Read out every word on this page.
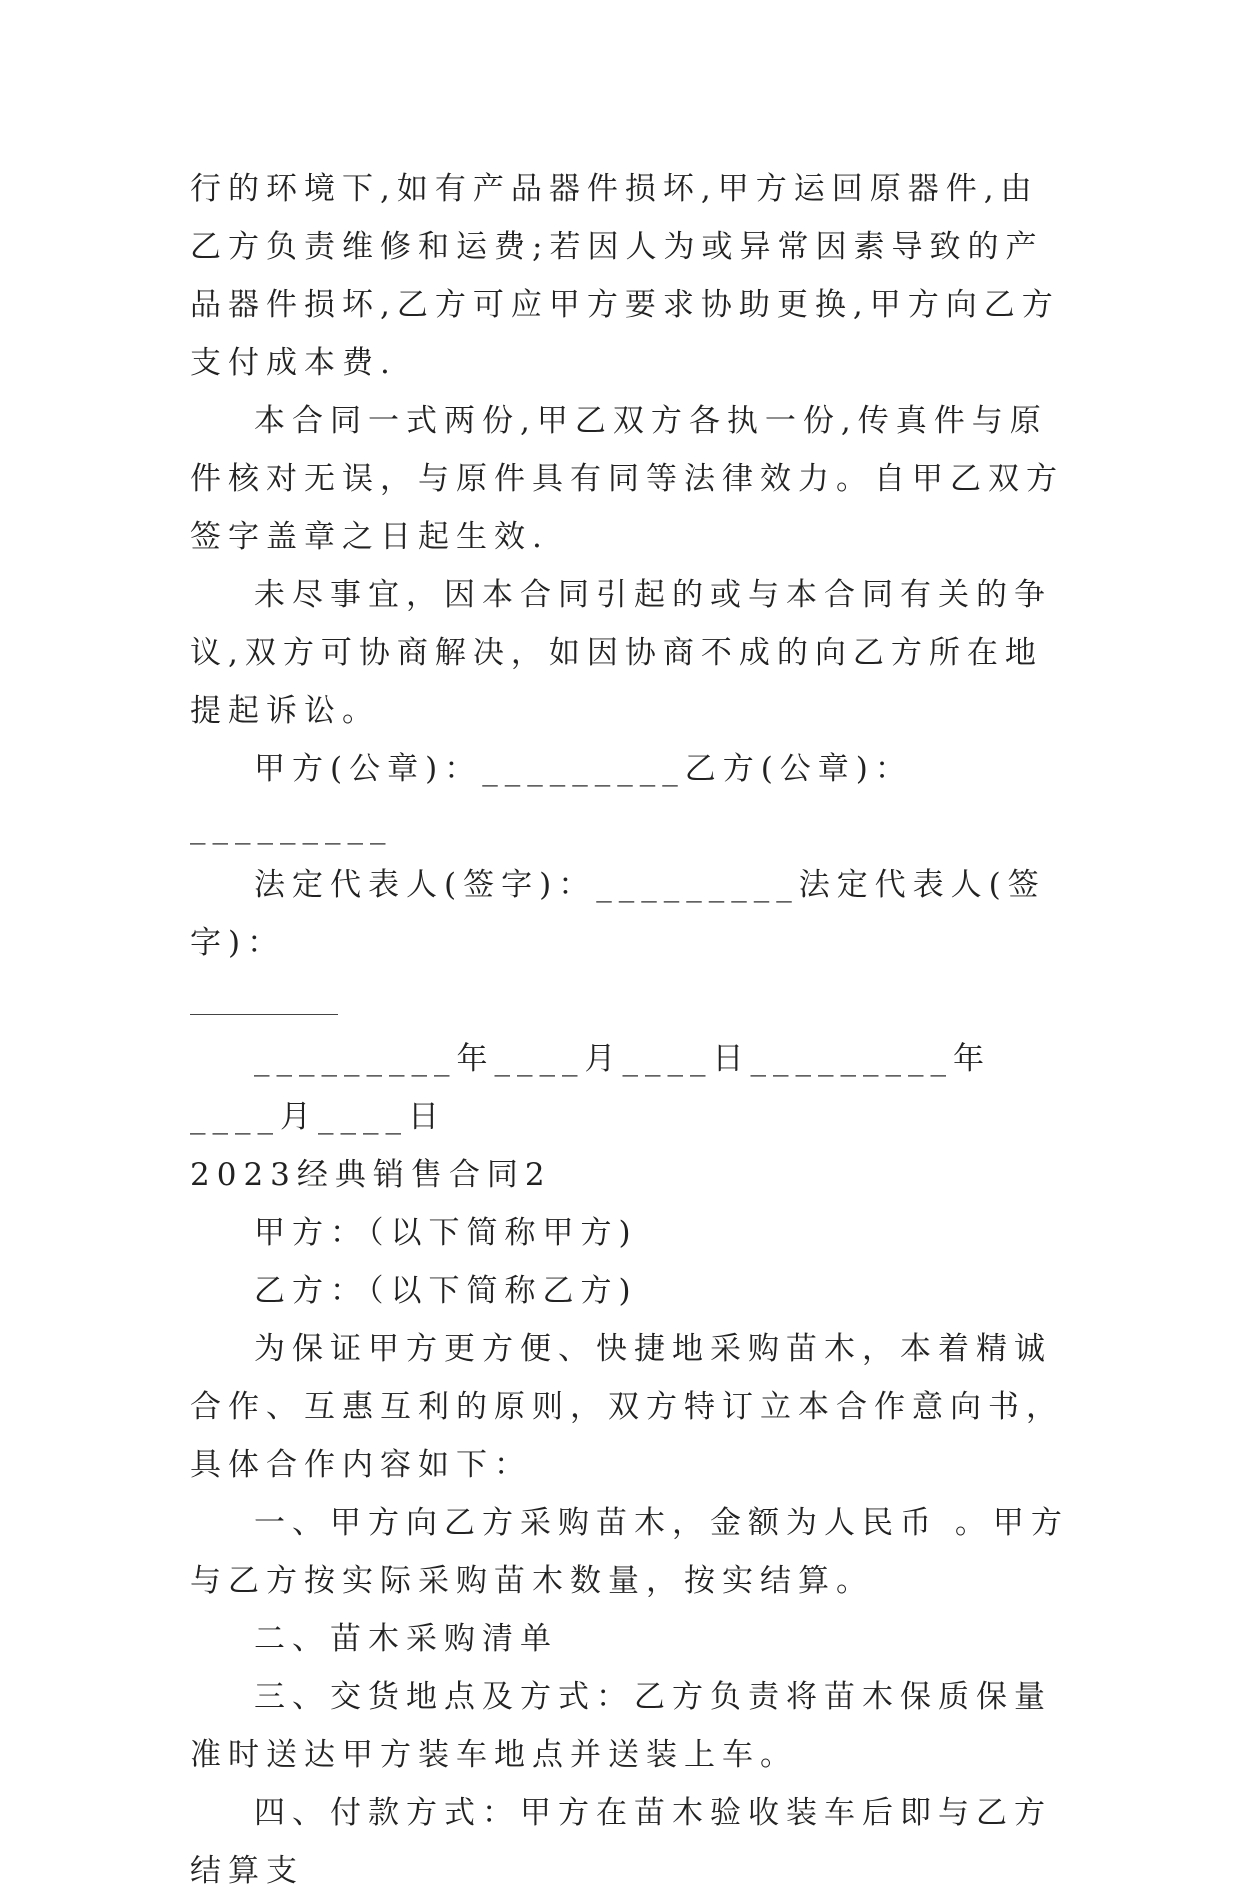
行的环境下,如有产品器件损坏,甲方运回原器件,由乙方负责维修和运费;若因人为或异常因素导致的产品器件损坏,乙方可应甲方要求协助更换,甲方向乙方支付成本费.

本合同一式两份,甲乙双方各执一份,传真件与原件核对无误，与原件具有同等法律效力。自甲乙双方签字盖章之日起生效.

未尽事宜，因本合同引起的或与本合同有关的争议,双方可协商解决，如因协商不成的向乙方所在地提起诉讼。

甲方(公章)：_________乙方(公章)：_________

法定代表人(签字)：_________法定代表人(签字)：

_________年____月____日_________年____月____日

2023经典销售合同2

甲方：（以下简称甲方)

乙方：（以下简称乙方)

为保证甲方更方便、快捷地采购苗木，本着精诚合作、互惠互利的原则，双方特订立本合作意向书，具体合作内容如下：

一、甲方向乙方采购苗木，金额为人民币 。甲方与乙方按实际采购苗木数量，按实结算。

二、苗木采购清单

三、交货地点及方式：乙方负责将苗木保质保量准时送达甲方装车地点并送装上车。

四、付款方式：甲方在苗木验收装车后即与乙方结算支
